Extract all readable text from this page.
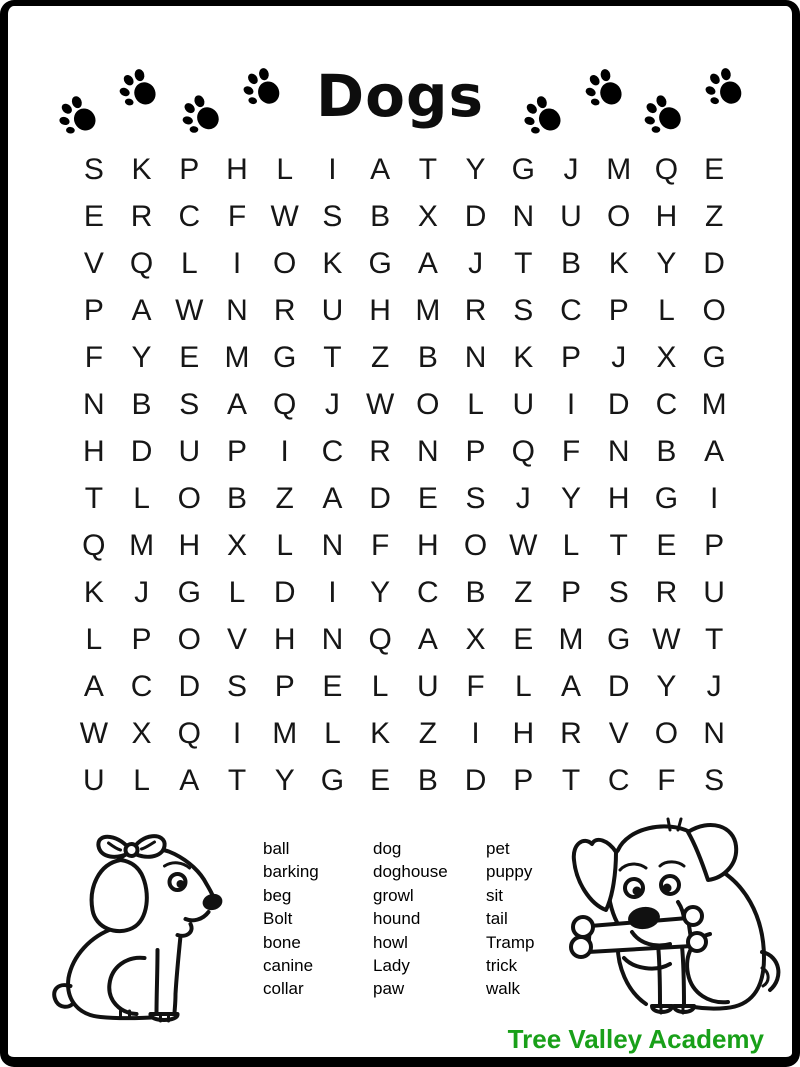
Dogs
S K P H L	I	A T Y G J M Q E
E R C F W S B X D N U O H Z
V Q L	I	O K G A	J	T B K Y D
P A W N R U H M R S C P L O
F Y E M G T Z B N K P	J	X G
N B S A Q J W O L U	I	D C M
H D U P	I	C R N P Q F N B A
T	L O B Z A D E S	J	Y H G	I
Q M H X L N F H O W L	T E P
K	J G L D	I	Y C B Z P S R U
L P O V H N Q A X E M G W T
A C D S P E L U F	L A D Y	J
W X Q	I	M L K Z	I	H R V O N
U L A T Y G E B D P T C F S
ball
barking
beg
Bolt
bone
canine
collar
dog
doghouse
growl
hound
howl
Lady
paw
pet
puppy
sit
tail
Tramp
trick
walk
Tree Valley Academy
